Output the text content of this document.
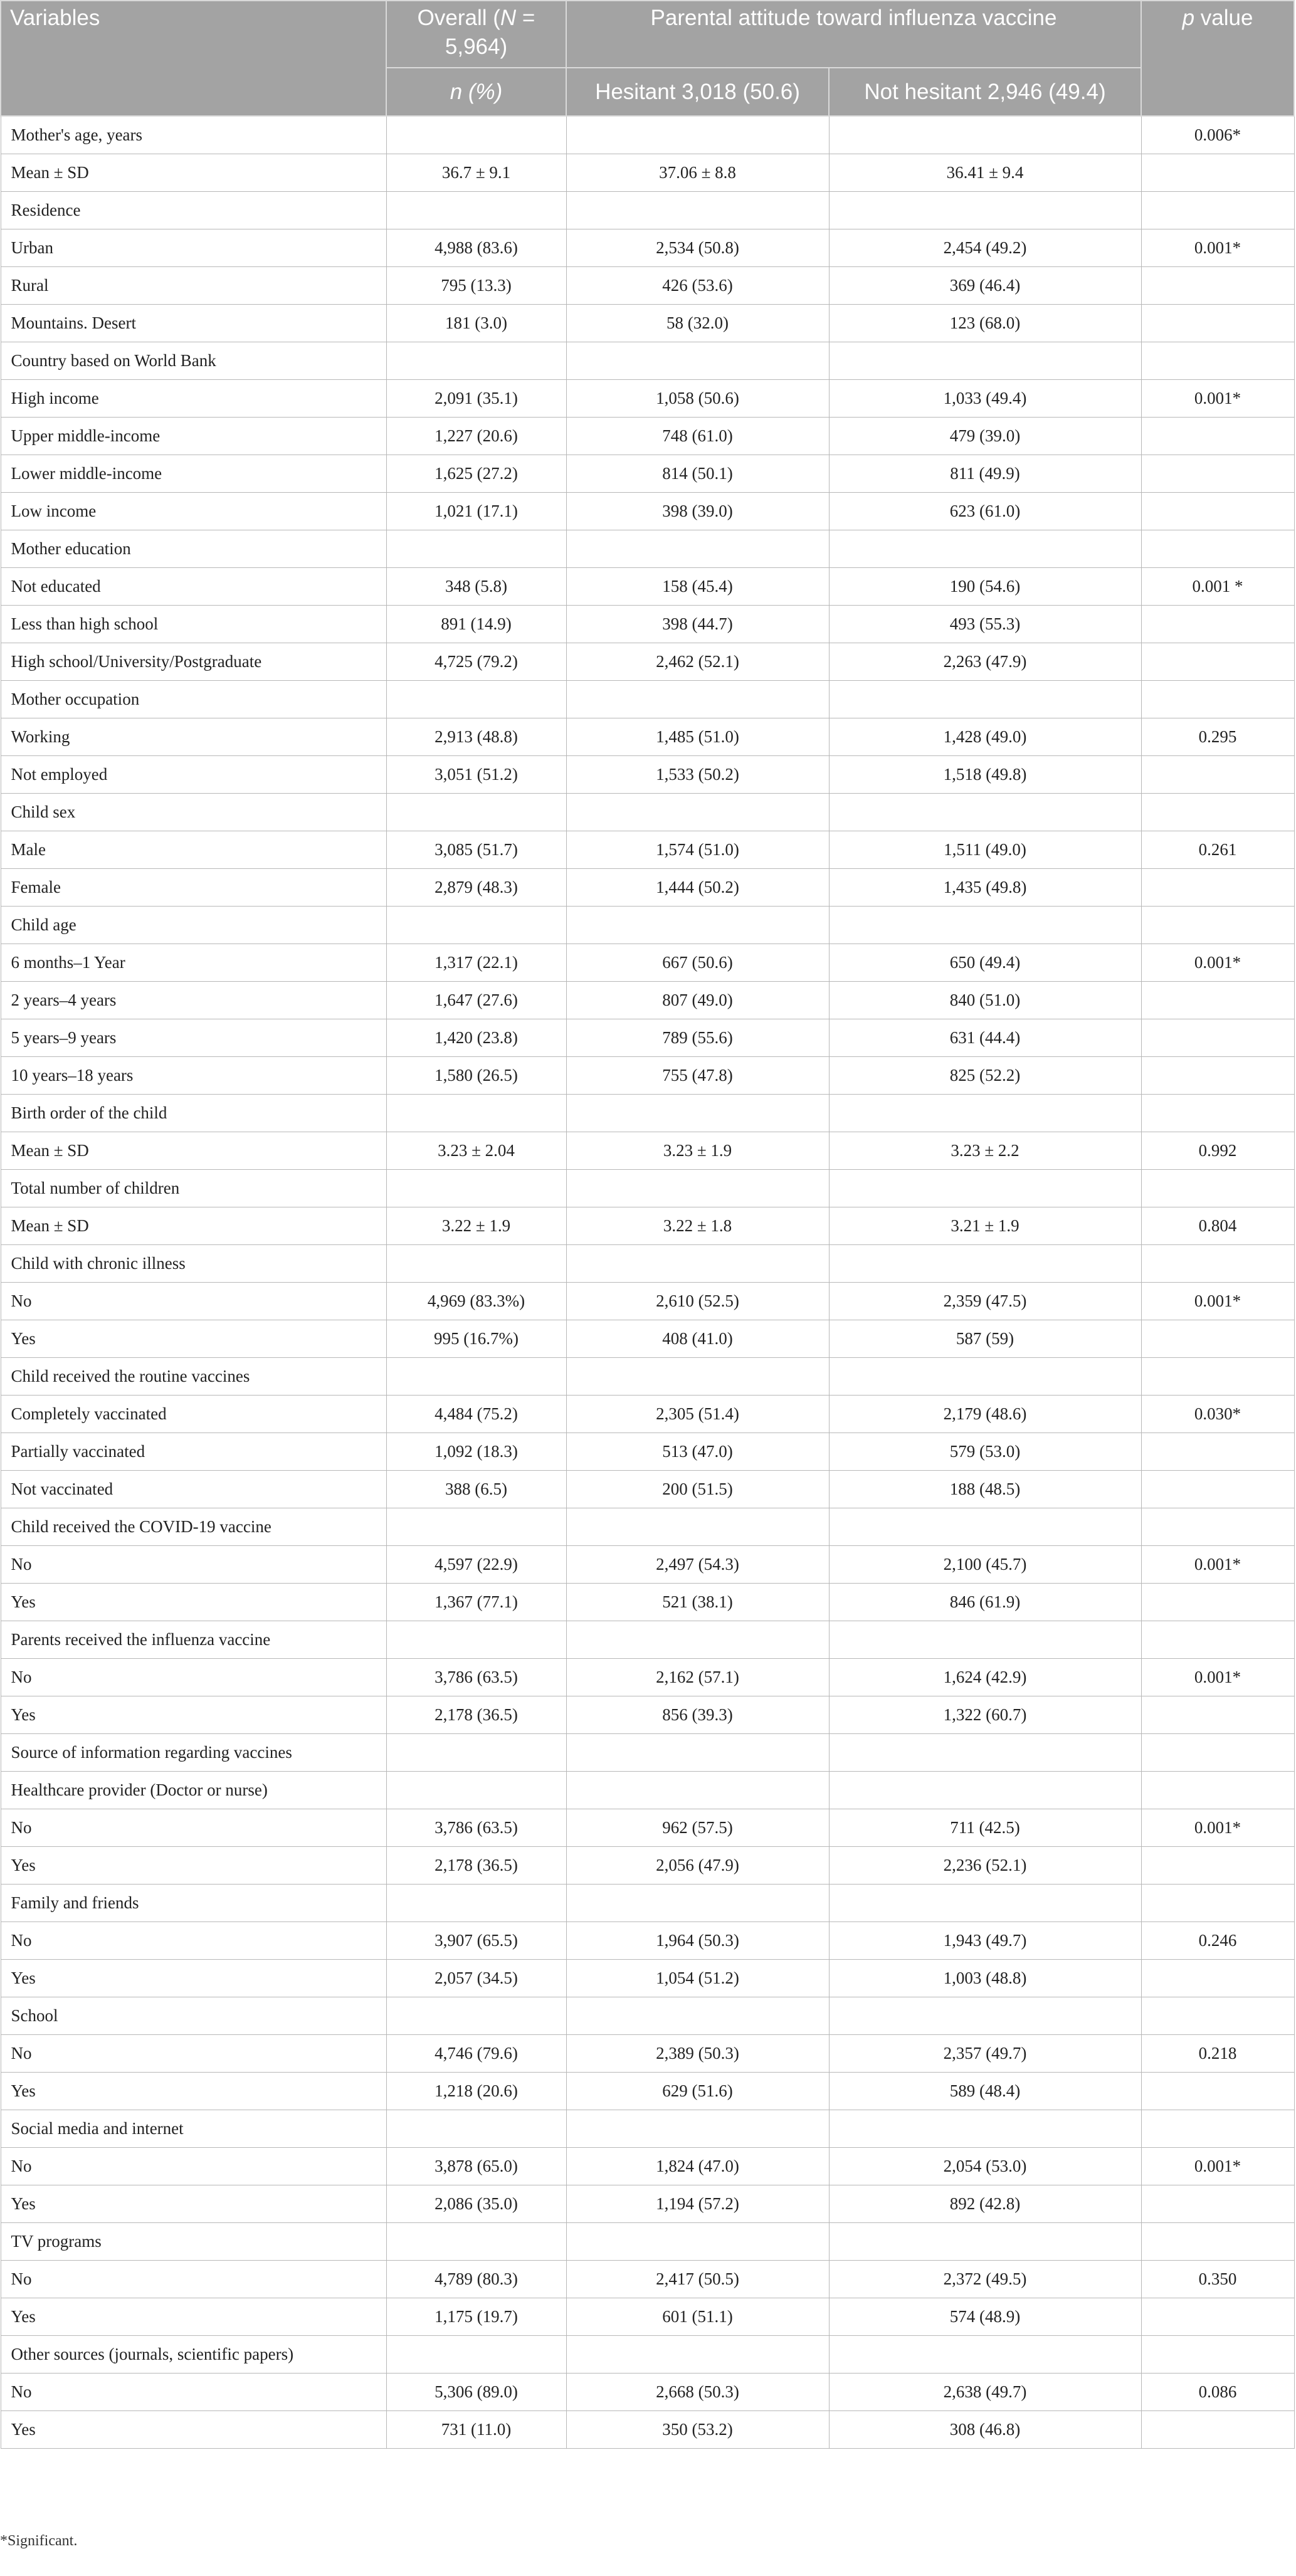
Variables	Overall (N = 5,964)	Parental attitude toward influenza vaccine		p value
	n (%)	Hesitant 3,018 (50.6)	Not hesitant 2,946 (49.4)	
Mother's age, years				0.006*
Mean ± SD	36.7 ± 9.1	37.06 ± 8.8	36.41 ± 9.4	
Residence				
Urban	4,988 (83.6)	2,534 (50.8)	2,454 (49.2)	0.001*
Rural	795 (13.3)	426 (53.6)	369 (46.4)	
Mountains. Desert	181 (3.0)	58 (32.0)	123 (68.0)	
Country based on World Bank				
High income	2,091 (35.1)	1,058 (50.6)	1,033 (49.4)	0.001*
Upper middle-income	1,227 (20.6)	748 (61.0)	479 (39.0)	
Lower middle-income	1,625 (27.2)	814 (50.1)	811 (49.9)	
Low income	1,021 (17.1)	398 (39.0)	623 (61.0)	
Mother education				
Not educated	348 (5.8)	158 (45.4)	190 (54.6)	0.001 *
Less than high school	891 (14.9)	398 (44.7)	493 (55.3)	
High school/University/Postgraduate	4,725 (79.2)	2,462 (52.1)	2,263 (47.9)	
Mother occupation				
Working	2,913 (48.8)	1,485 (51.0)	1,428 (49.0)	0.295
Not employed	3,051 (51.2)	1,533 (50.2)	1,518 (49.8)	
Child sex				
Male	3,085 (51.7)	1,574 (51.0)	1,511 (49.0)	0.261
Female	2,879 (48.3)	1,444 (50.2)	1,435 (49.8)	
Child age				
6 months–1 Year	1,317 (22.1)	667 (50.6)	650 (49.4)	0.001*
2 years–4 years	1,647 (27.6)	807 (49.0)	840 (51.0)	
5 years–9 years	1,420 (23.8)	789 (55.6)	631 (44.4)	
10 years–18 years	1,580 (26.5)	755 (47.8)	825 (52.2)	
Birth order of the child				
Mean ± SD	3.23 ± 2.04	3.23 ± 1.9	3.23 ± 2.2	0.992
Total number of children				
Mean ± SD	3.22 ± 1.9	3.22 ± 1.8	3.21 ± 1.9	0.804
Child with chronic illness				
No	4,969 (83.3%)	2,610 (52.5)	2,359 (47.5)	0.001*
Yes	995 (16.7%)	408 (41.0)	587 (59)	
Child received the routine vaccines				
Completely vaccinated	4,484 (75.2)	2,305 (51.4)	2,179 (48.6)	0.030*
Partially vaccinated	1,092 (18.3)	513 (47.0)	579 (53.0)	
Not vaccinated	388 (6.5)	200 (51.5)	188 (48.5)	
Child received the COVID-19 vaccine				
No	4,597 (22.9)	2,497 (54.3)	2,100 (45.7)	0.001*
Yes	1,367 (77.1)	521 (38.1)	846 (61.9)	
Parents received the influenza vaccine				
No	3,786 (63.5)	2,162 (57.1)	1,624 (42.9)	0.001*
Yes	2,178 (36.5)	856 (39.3)	1,322 (60.7)	
Source of information regarding vaccines				
Healthcare provider (Doctor or nurse)				
No	3,786 (63.5)	962 (57.5)	711 (42.5)	0.001*
Yes	2,178 (36.5)	2,056 (47.9)	2,236 (52.1)	
Family and friends				
No	3,907 (65.5)	1,964 (50.3)	1,943 (49.7)	0.246
Yes	2,057 (34.5)	1,054 (51.2)	1,003 (48.8)	
School				
No	4,746 (79.6)	2,389 (50.3)	2,357 (49.7)	0.218
Yes	1,218 (20.6)	629 (51.6)	589 (48.4)	
Social media and internet				
No	3,878 (65.0)	1,824 (47.0)	2,054 (53.0)	0.001*
Yes	2,086 (35.0)	1,194 (57.2)	892 (42.8)	
TV programs				
No	4,789 (80.3)	2,417 (50.5)	2,372 (49.5)	0.350
Yes	1,175 (19.7)	601 (51.1)	574 (48.9)	
Other sources (journals, scientific papers)				
No	5,306 (89.0)	2,668 (50.3)	2,638 (49.7)	0.086
Yes	731 (11.0)	350 (53.2)	308 (46.8)	
*Significant.
